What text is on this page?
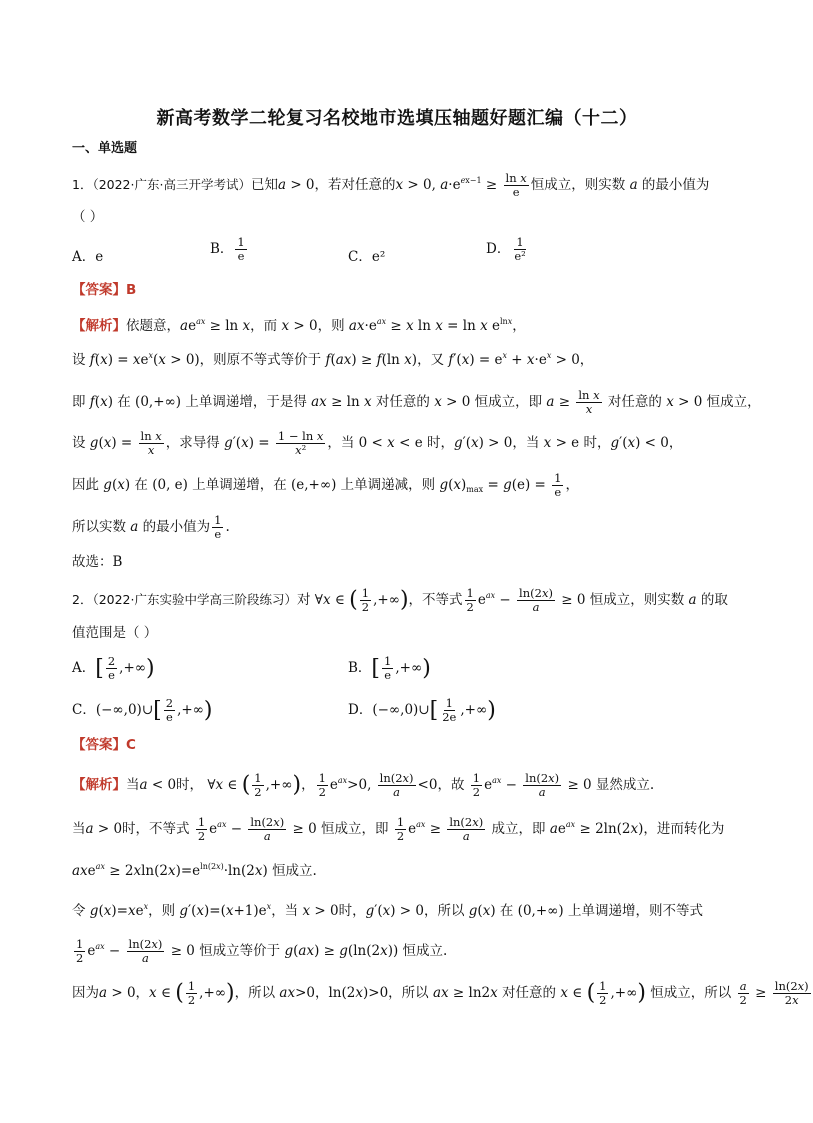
新高考数学二轮复习名校地市选填压轴题好题汇编（十二）
一、单选题
1．（2022·广东·高三开学考试）已知a > 0，若对任意的x > 0, $a\cdot e^{ex-1} \ge \frac{\text{ln x}}{e}$ 恒成立，则实数 a 的最小值为
（ ）
A．e	B． $\frac{1}{e}$	C．e²	D． $\frac{1}{\text{e²}}$
【答案】B
【解析】依题意，$ae^{ax} \ge \ln x$，而 x > 0，则 $ax\cdot e^{ax} \ge x$ ln x = ln x $e^{lnx}$，
设 $f(x) = xe^x(x > 0)$，则原不等式等价于 f(ax) ≥ f(ln x)，又 $f'(x) = e^x + x\cdot e^x > 0$，
即 f(x) 在 (0,+∞) 上单调递增，于是得 ax ≥ ln x 对任意的 x > 0 恒成立，即 $a \ge \frac{\text{ln x}}{x}$ 对任意的 x > 0 恒成立，
设 $g(x) = \frac{\text{ln x}}{x}$ ，求导得 $g'(x) = \frac{\text{1 − ln x}}{\text{x²}}$ ，当 0 < x < e 时，g′(x) > 0，当 x > e 时，g′(x) < 0，
因此 g(x) 在 (0, e) 上单调递增，在 (e,+∞) 上单调递减，则 $g(x)_{max} = g(e) = \frac{1}{e}$ ，
所以实数 a 的最小值为 $\frac{1}{e}$ .
故选：B
2．（2022·广东实验中学高三阶段练习）对 ∀x ∈ ( $\frac{1}{2}$ ,+∞)，不等式 $\frac{1}{2} e^{ax} - \frac{\ln(2x)}{a} \ge 0$ 恒成立，则实数 a 的取
值范围是（ ）
A．[ $\frac{2}{e}$ ,+∞)	B．[ $\frac{1}{e}$ ,+∞)
C．(−∞,0)∪[ $\frac{2}{e}$ ,+∞)	D．(−∞,0)∪[ $\frac{1}{2e}$ ,+∞)
【答案】C
【解析】当a < 0时， ∀x ∈ ( $\frac{1}{2}$ ,+∞)， $\frac{1}{2} e^{ax}>0$, $\frac{\ln(2x)}{a} <0$，故 $\frac{1}{2} e^{ax} - \frac{\ln(2x)}{a} \ge 0$ 显然成立.
当a > 0时，不等式 $\frac{1}{2} e^{ax} - \frac{\ln(2x)}{a} \ge 0$ 恒成立，即 $\frac{1}{2} e^{ax} \ge \frac{\ln(2x)}{a}$ 成立，即 $ae^{ax} \ge 2\ln(2x)$，进而转化为
$axe^{ax} \ge 2xln(2x)=e^{ln(2x)}\cdot\ln(2x)$ 恒成立.
令 $g(x)=xe^x$，则 $g'(x)=(x+1)e^x$，当 x > 0时，g′(x) > 0，所以 g(x) 在 (0,+∞) 上单调递增，则不等式
$\frac{1}{2} e^{ax} - \frac{\ln(2x)}{a} \ge 0$ 恒成立等价于 g(ax) ≥ g(ln(2x)) 恒成立.
因为a > 0，x ∈ ( $\frac{1}{2}$ ,+∞)，所以 ax>0，ln(2x)>0，所以 ax ≥ ln2x 对任意的 x ∈ ( $\frac{1}{2}$ ,+∞) 恒成立，所以 $\frac{a}{2} \ge \frac{\ln(2x)}{2x}$
